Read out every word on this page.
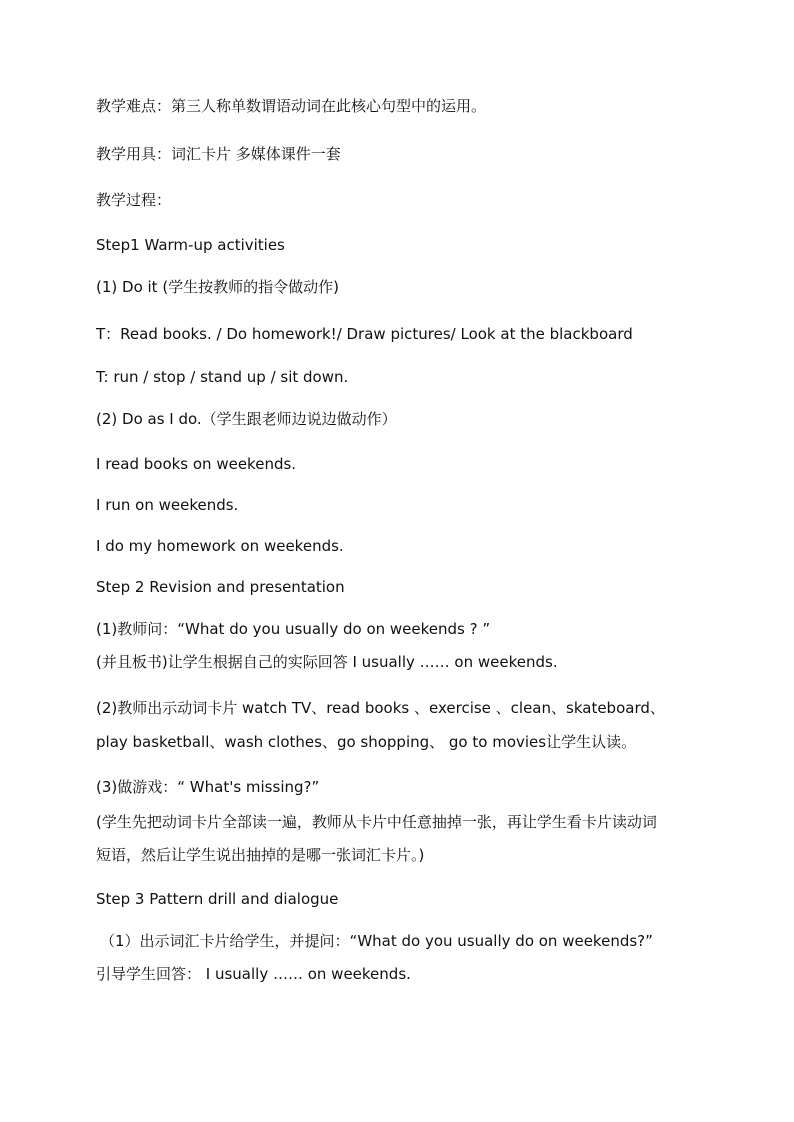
教学难点：第三人称单数谓语动词在此核心句型中的运用。

教学用具：词汇卡片 多媒体课件一套

教学过程：

Step1 Warm-up activities

(1) Do it (学生按教师的指令做动作)

T：Read books. / Do homework!/ Draw pictures/ Look at the blackboard

T: run / stop / stand up / sit down.

(2) Do as I do.（学生跟老师边说边做动作）

I read books on weekends.

I run on weekends.

I do my homework on weekends.

Step 2 Revision and presentation

(1)教师问：“What do you usually do on weekends ? ”

(并且板书)让学生根据自己的实际回答 I usually …… on weekends.

(2)教师出示动词卡片 watch TV、read books 、exercise 、clean、skateboard、

play basketball、wash clothes、go shopping、 go to movies让学生认读。

(3)做游戏：“ What's missing?”

(学生先把动词卡片全部读一遍，教师从卡片中任意抽掉一张，再让学生看卡片读动词

短语，然后让学生说出抽掉的是哪一张词汇卡片。)

Step 3 Pattern drill and dialogue

（1）出示词汇卡片给学生，并提问：“What do you usually do on weekends?”

引导学生回答： I usually …… on weekends.
